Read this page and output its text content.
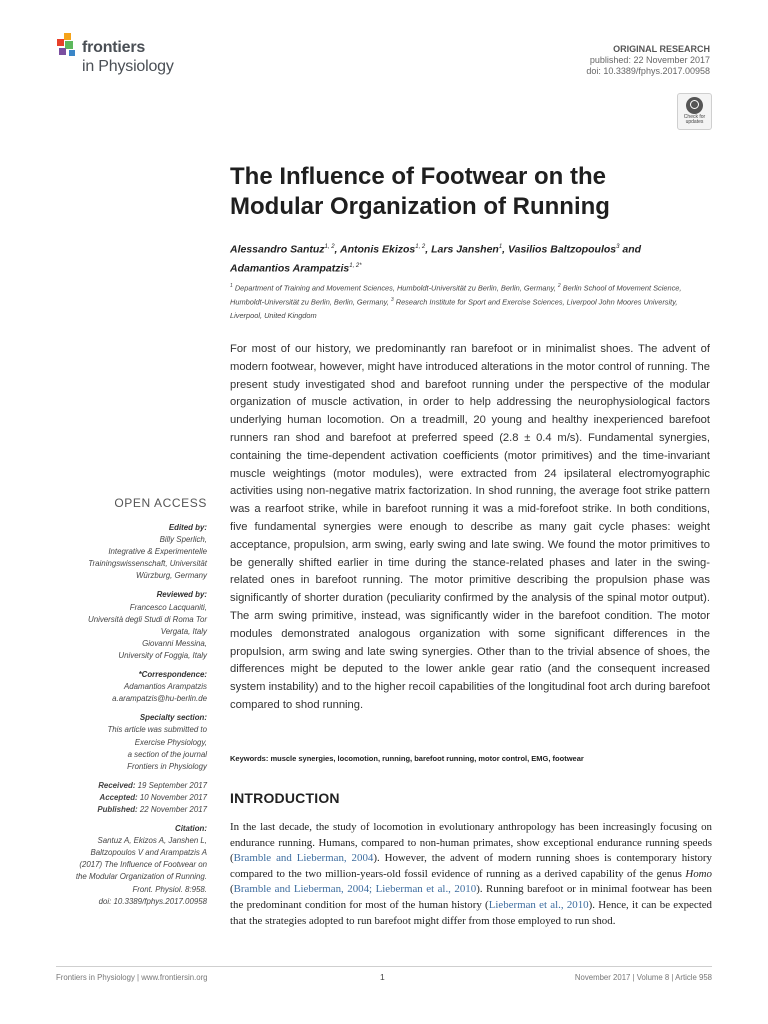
frontiers
in Physiology
ORIGINAL RESEARCH
published: 22 November 2017
doi: 10.3389/fphys.2017.00958
Check for
updates
The Influence of Footwear on the
Modular Organization of Running
Alessandro Santuz$^{1, 2}$, Antonis Ekizos$^{1, 2}$, Lars Janshen$^1$, Vasilios Baltzopoulos$^3$ and
Adamantios Arampatzis$^{1, 2*}$
$^1$ Department of Training and Movement Sciences, Humboldt-Universität zu Berlin, Berlin, Germany, $^2$ Berlin School of Movement Science, Humboldt-Universität zu Berlin, Berlin, Germany, $^3$ Research Institute for Sport and Exercise Sciences, Liverpool John Moores University, Liverpool, United Kingdom

For most of our history, we predominantly ran barefoot or in minimalist shoes. The advent of modern footwear, however, might have introduced alterations in the motor control of running. The present study investigated shod and barefoot running under the perspective of the modular organization of muscle activation, in order to help addressing the neurophysiological factors underlying human locomotion. On a treadmill, 20 young and healthy inexperienced barefoot runners ran shod and barefoot at preferred speed (2.8 ± 0.4 m/s). Fundamental synergies, containing the time-dependent activation coefficients (motor primitives) and the time-invariant muscle weightings (motor modules), were extracted from 24 ipsilateral electromyographic activities using non-negative matrix factorization. In shod running, the average foot strike pattern was a rearfoot strike, while in barefoot running it was a mid-forefoot strike. In both conditions, five fundamental synergies were enough to describe as many gait cycle phases: weight acceptance, propulsion, arm swing, early swing and late swing. We found the motor primitives to be generally shifted earlier in time during the stance-related phases and later in the swing-related ones in barefoot running. The motor primitive describing the propulsion phase was significantly of shorter duration (peculiarity confirmed by the analysis of the spinal motor output). The arm swing primitive, instead, was significantly wider in the barefoot condition. The motor modules demonstrated analogous organization with some significant differences in the propulsion, arm swing and late swing synergies. Other than to the trivial absence of shoes, the differences might be deputed to the lower ankle gear ratio (and the consequent increased system instability) and to the higher recoil capabilities of the longitudinal foot arch during barefoot compared to shod running.

Keywords: muscle synergies, locomotion, running, barefoot running, motor control, EMG, footwear
INTRODUCTION

In the last decade, the study of locomotion in evolutionary anthropology has been increasingly focusing on endurance running. Humans, compared to non-human primates, show exceptional endurance running speeds (Bramble and Lieberman, 2004). However, the advent of modern running shoes is contemporary history compared to the two million-years-old fossil evidence of running as a derived capability of the genus Homo (Bramble and Lieberman, 2004; Lieberman et al., 2010). Running barefoot or in minimal footwear has been the predominant condition for most of the human history (Lieberman et al., 2010). Hence, it can be expected that the strategies adopted to run barefoot might differ from those employed to run shod.

OPEN ACCESS
Edited by:
Billy Sperlich,
Integrative & Experimentelle
Trainingswissenschaft, Universität
Würzburg, Germany
Reviewed by:
Francesco Lacquaniti,
Università degli Studi di Roma Tor
Vergata, Italy
Giovanni Messina,
University of Foggia, Italy
*Correspondence:
Adamantios Arampatzis
a.arampatzis@hu-berlin.de
Specialty section:
This article was submitted to
Exercise Physiology,
a section of the journal
Frontiers in Physiology
Received: 19 September 2017
Accepted: 10 November 2017
Published: 22 November 2017
Citation:
Santuz A, Ekizos A, Janshen L,
Baltzopoulos V and Arampatzis A
(2017) The Influence of Footwear on
the Modular Organization of Running.
Front. Physiol. 8:958.
doi: 10.3389/fphys.2017.00958
Frontiers in Physiology | www.frontiersin.org	1	November 2017 | Volume 8 | Article 958
